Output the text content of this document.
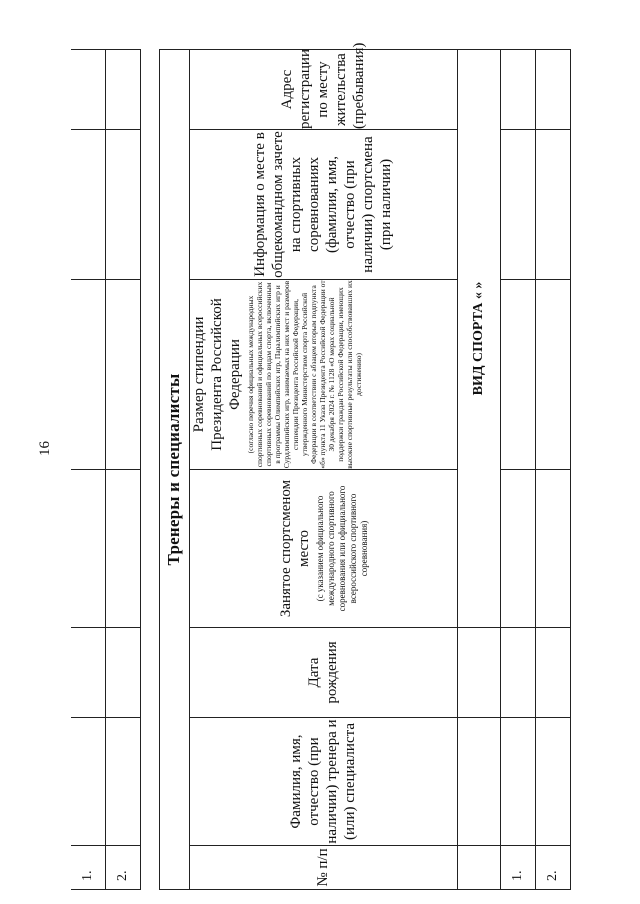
16
1.						
2.						

Тренеры и специалисты						
№ п/п	Фамилия, имя, отчество (при наличии) тренера и (или) специалиста	Дата рождения	Занятое спортсменом место (с указанием официального международного спортивного соревнования или официального всероссийского спортивного соревнования)	Размер стипендии Президента Российской Федерации (согласно перечня официальных международных спортивных соревнований и официальных всероссийских спортивных соревнований по видам спорта, включенным в программы Олимпийских игр, Паралимпийских игр и Сурдлимпийских игр, занимаемых на них мест и размеров стипендии Президента Российской Федерации, утвержденного Министерством спорта Российской Федерации в соответствии с абзацем вторым подпункта «б» пункта 11 Указа Президента Российской Федерации от 30 декабря 2024 г. № 1128 «О мерах социальной поддержки граждан Российской Федерации, имеющих высокие спортивные результаты или способствовавших их достижению)	Информация о месте в общекомандном зачете на спортивных соревнованиях (фамилия, имя, отчество (при наличии) спортсмена (при наличии)	Адрес регистрации по месту жительства (пребывания)
			ВИД СПОРТА « »			
1.						
2.						
